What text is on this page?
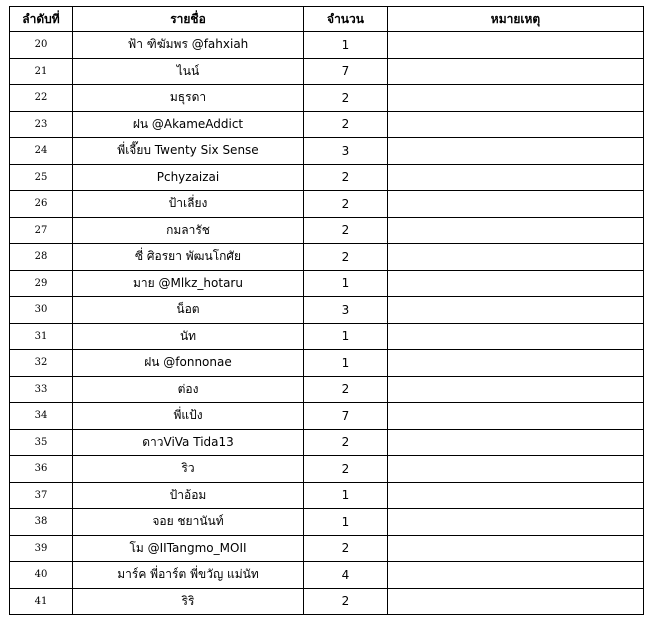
ลำดับที่	รายชื่อ	จำนวน	หมายเหตุ
20	ฟ้า ฑิฆัมพร @fahxiah	1	
21	ไนน์	7	
22	มธุรดา	2	
23	ฝน @AkameAddict	2	
24	พี่เจี๊ยบ Twenty Six Sense	3	
25	Pchyzaizai	2	
26	ป้าเลี่ยง	2	
27	กมลารัช	2	
28	ซี่ ศิอรยา พัฒนโกศัย	2	
29	มาย @Mlkz_hotaru	1	
30	น็อต	3	
31	นัท	1	
32	ฝน @fonnonae	1	
33	ต่อง	2	
34	พี่แป้ง	7	
35	ดาวViVa Tida13	2	
36	ริว	2	
37	ป้าอ้อม	1	
38	จอย ชยานันท์	1	
39	โม @IITangmo_MOII	2	
40	มาร์ค พี่อาร์ต พี่ขวัญ แม่นัท	4	
41	ริริ	2	
